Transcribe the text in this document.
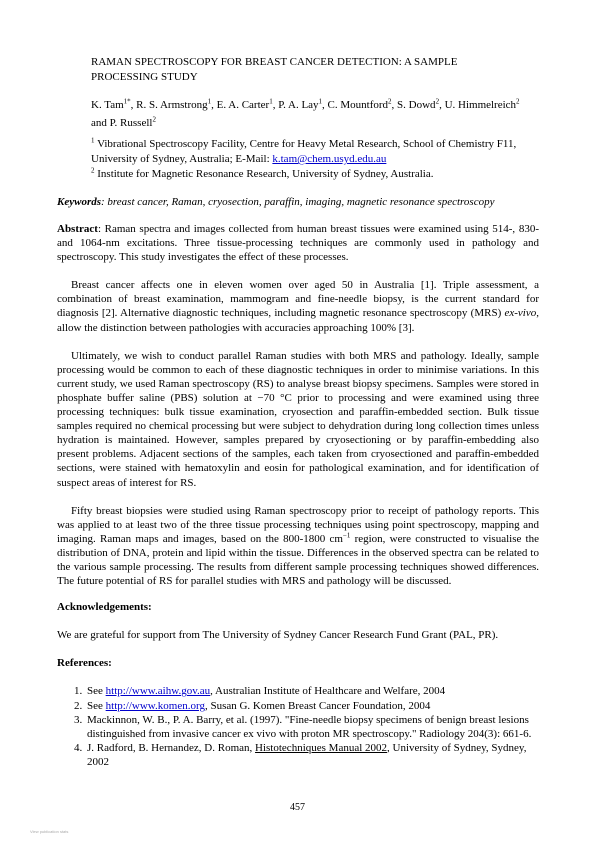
RAMAN SPECTROSCOPY FOR BREAST CANCER DETECTION: A SAMPLE PROCESSING STUDY
K. Tam$^{1*}$, R. S. Armstrong$^1$, E. A. Carter$^1$, P. A. Lay$^1$, C. Mountford$^2$, S. Dowd$^2$, U. Himmelreich$^2$ and P. Russell$^2$

$^1$ Vibrational Spectroscopy Facility, Centre for Heavy Metal Research, School of Chemistry F11, University of Sydney, Australia; E-Mail: k.tam@chem.usyd.edu.au

$^2$ Institute for Magnetic Resonance Research, University of Sydney, Australia.

Keywords: breast cancer, Raman, cryosection, paraffin, imaging, magnetic resonance spectroscopy

Abstract: Raman spectra and images collected from human breast tissues were examined using 514-, 830- and 1064-nm excitations. Three tissue-processing techniques are commonly used in pathology and spectroscopy. This study investigates the effect of these processes.

Breast cancer affects one in eleven women over aged 50 in Australia [1]. Triple assessment, a combination of breast examination, mammogram and fine-needle biopsy, is the current standard for diagnosis [2]. Alternative diagnostic techniques, including magnetic resonance spectroscopy (MRS) ex-vivo, allow the distinction between pathologies with accuracies approaching 100% [3].

Ultimately, we wish to conduct parallel Raman studies with both MRS and pathology. Ideally, sample processing would be common to each of these diagnostic techniques in order to minimise variations. In this current study, we used Raman spectroscopy (RS) to analyse breast biopsy specimens. Samples were stored in phosphate buffer saline (PBS) solution at −70 °C prior to processing and were examined using three processing techniques: bulk tissue examination, cryosection and paraffin-embedded section. Bulk tissue samples required no chemical processing but were subject to dehydration during long collection times unless hydration is maintained. However, samples prepared by cryosectioning or by paraffin-embedding also present problems. Adjacent sections of the samples, each taken from cryosectioned and paraffin-embedded sections, were stained with hematoxylin and eosin for pathological examination, and for identification of suspect areas of interest for RS.

Fifty breast biopsies were studied using Raman spectroscopy prior to receipt of pathology reports. This was applied to at least two of the three tissue processing techniques using point spectroscopy, mapping and imaging. Raman maps and images, based on the 800-1800 $cm^{-1}$ region, were constructed to visualise the distribution of DNA, protein and lipid within the tissue. Differences in the observed spectra can be related to the various sample processing. The results from different sample processing techniques showed differences. The future potential of RS for parallel studies with MRS and pathology will be discussed.

Acknowledgements:

We are grateful for support from The University of Sydney Cancer Research Fund Grant (PAL, PR).

References:

1. See http://www.aihw.gov.au, Australian Institute of Healthcare and Welfare, 2004
2. See http://www.komen.org, Susan G. Komen Breast Cancer Foundation, 2004
3. Mackinnon, W. B., P. A. Barry, et al. (1997). "Fine-needle biopsy specimens of benign breast lesions distinguished from invasive cancer ex vivo with proton MR spectroscopy." Radiology 204(3): 661-6.
4. J. Radford, B. Hernandez, D. Roman, Histotechniques Manual 2002, University of Sydney, Sydney, 2002
457
View publication stats
